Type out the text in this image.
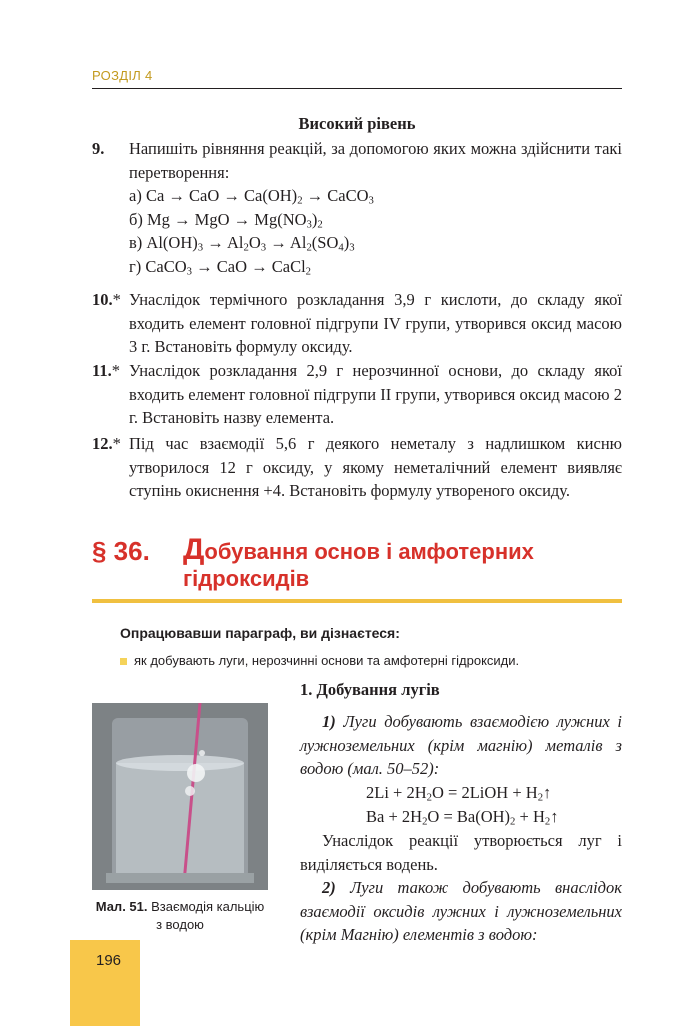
РОЗДІЛ 4
Високий рівень
9. Напишіть рівняння реакцій, за допомогою яких можна здійснити такі перетворення:
а) Ca → CaO → $Ca(OH)_2$ → CaCO$_3$
б) Mg → MgO → $Mg(NO_3)_2$
в) $Al(OH)_3 \to Al_2O_3 \to Al_2(SO_4)_3$
г) CaCO$_3$ → CaO → CaCl$_2$
10.* Унаслідок термічного розкладання 3,9 г кислоти, до складу якої входить елемент головної підгрупи IV групи, утворився оксид масою 3 г. Встановіть формулу оксиду.
11.* Унаслідок розкладання 2,9 г нерозчинної основи, до складу якої входить елемент головної підгрупи II групи, утворився оксид масою 2 г. Встановіть назву елемента.
12.* Під час взаємодії 5,6 г деякого неметалу з надлишком кисню утворилося 12 г оксиду, у якому неметалічний елемент виявляє ступінь окиснення +4. Встановіть формулу утвореного оксиду.
§ 36. Добування основ і амфотерних гідроксидів
Опрацювавши параграф, ви дізнаєтеся:
як добувають луги, нерозчинні основи та амфотерні гідроксиди.
Мал. 51. Взаємодія кальцію з водою
1. Добування лугів
1) Луги добувають взаємодією лужних і лужноземельних (крім магнію) металів з водою (мал. 50–52):
$2Li + 2H_2O$ = 2LiOH + $H_2↑$
$Ba + 2H_2O = Ba(OH)_2$ + $H_2↑$
Унаслідок реакції утворюється луг і виділяється водень.
2) Луги також добувають внаслідок взаємодії оксидів лужних і лужноземельних (крім Магнію) елементів з водою:
196
